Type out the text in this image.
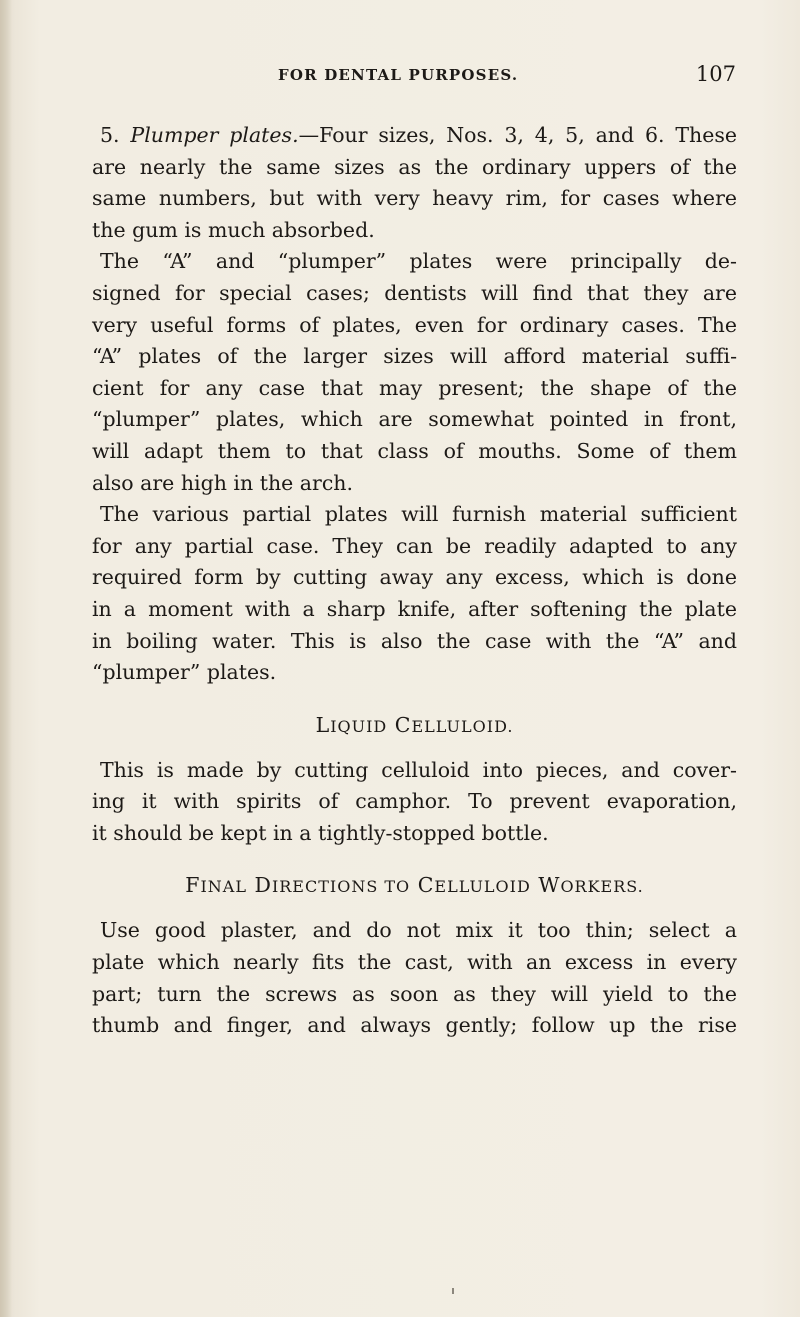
FOR DENTAL PURPOSES.	107
5. Plumper plates.—Four sizes, Nos. 3, 4, 5, and 6. These
are nearly the same sizes as the ordinary uppers of the
same numbers, but with very heavy rim, for cases where
the gum is much absorbed.
The “A” and “plumper” plates were principally de-
signed for special cases; dentists will find that they are
very useful forms of plates, even for ordinary cases. The
“A” plates of the larger sizes will afford material suffi-
cient for any case that may present; the shape of the
“plumper” plates, which are somewhat pointed in front,
will adapt them to that class of mouths. Some of them
also are high in the arch.
The various partial plates will furnish material sufficient
for any partial case. They can be readily adapted to any
required form by cutting away any excess, which is done
in a moment with a sharp knife, after softening the plate
in boiling water. This is also the case with the “A” and
“plumper” plates.
LIQUID CELLULOID.
This is made by cutting celluloid into pieces, and cover-
ing it with spirits of camphor. To prevent evaporation,
it should be kept in a tightly-stopped bottle.
FINAL DIRECTIONS TO CELLULOID WORKERS.
Use good plaster, and do not mix it too thin; select a
plate which nearly fits the cast, with an excess in every
part; turn the screws as soon as they will yield to the
thumb and finger, and always gently; follow up the rise
